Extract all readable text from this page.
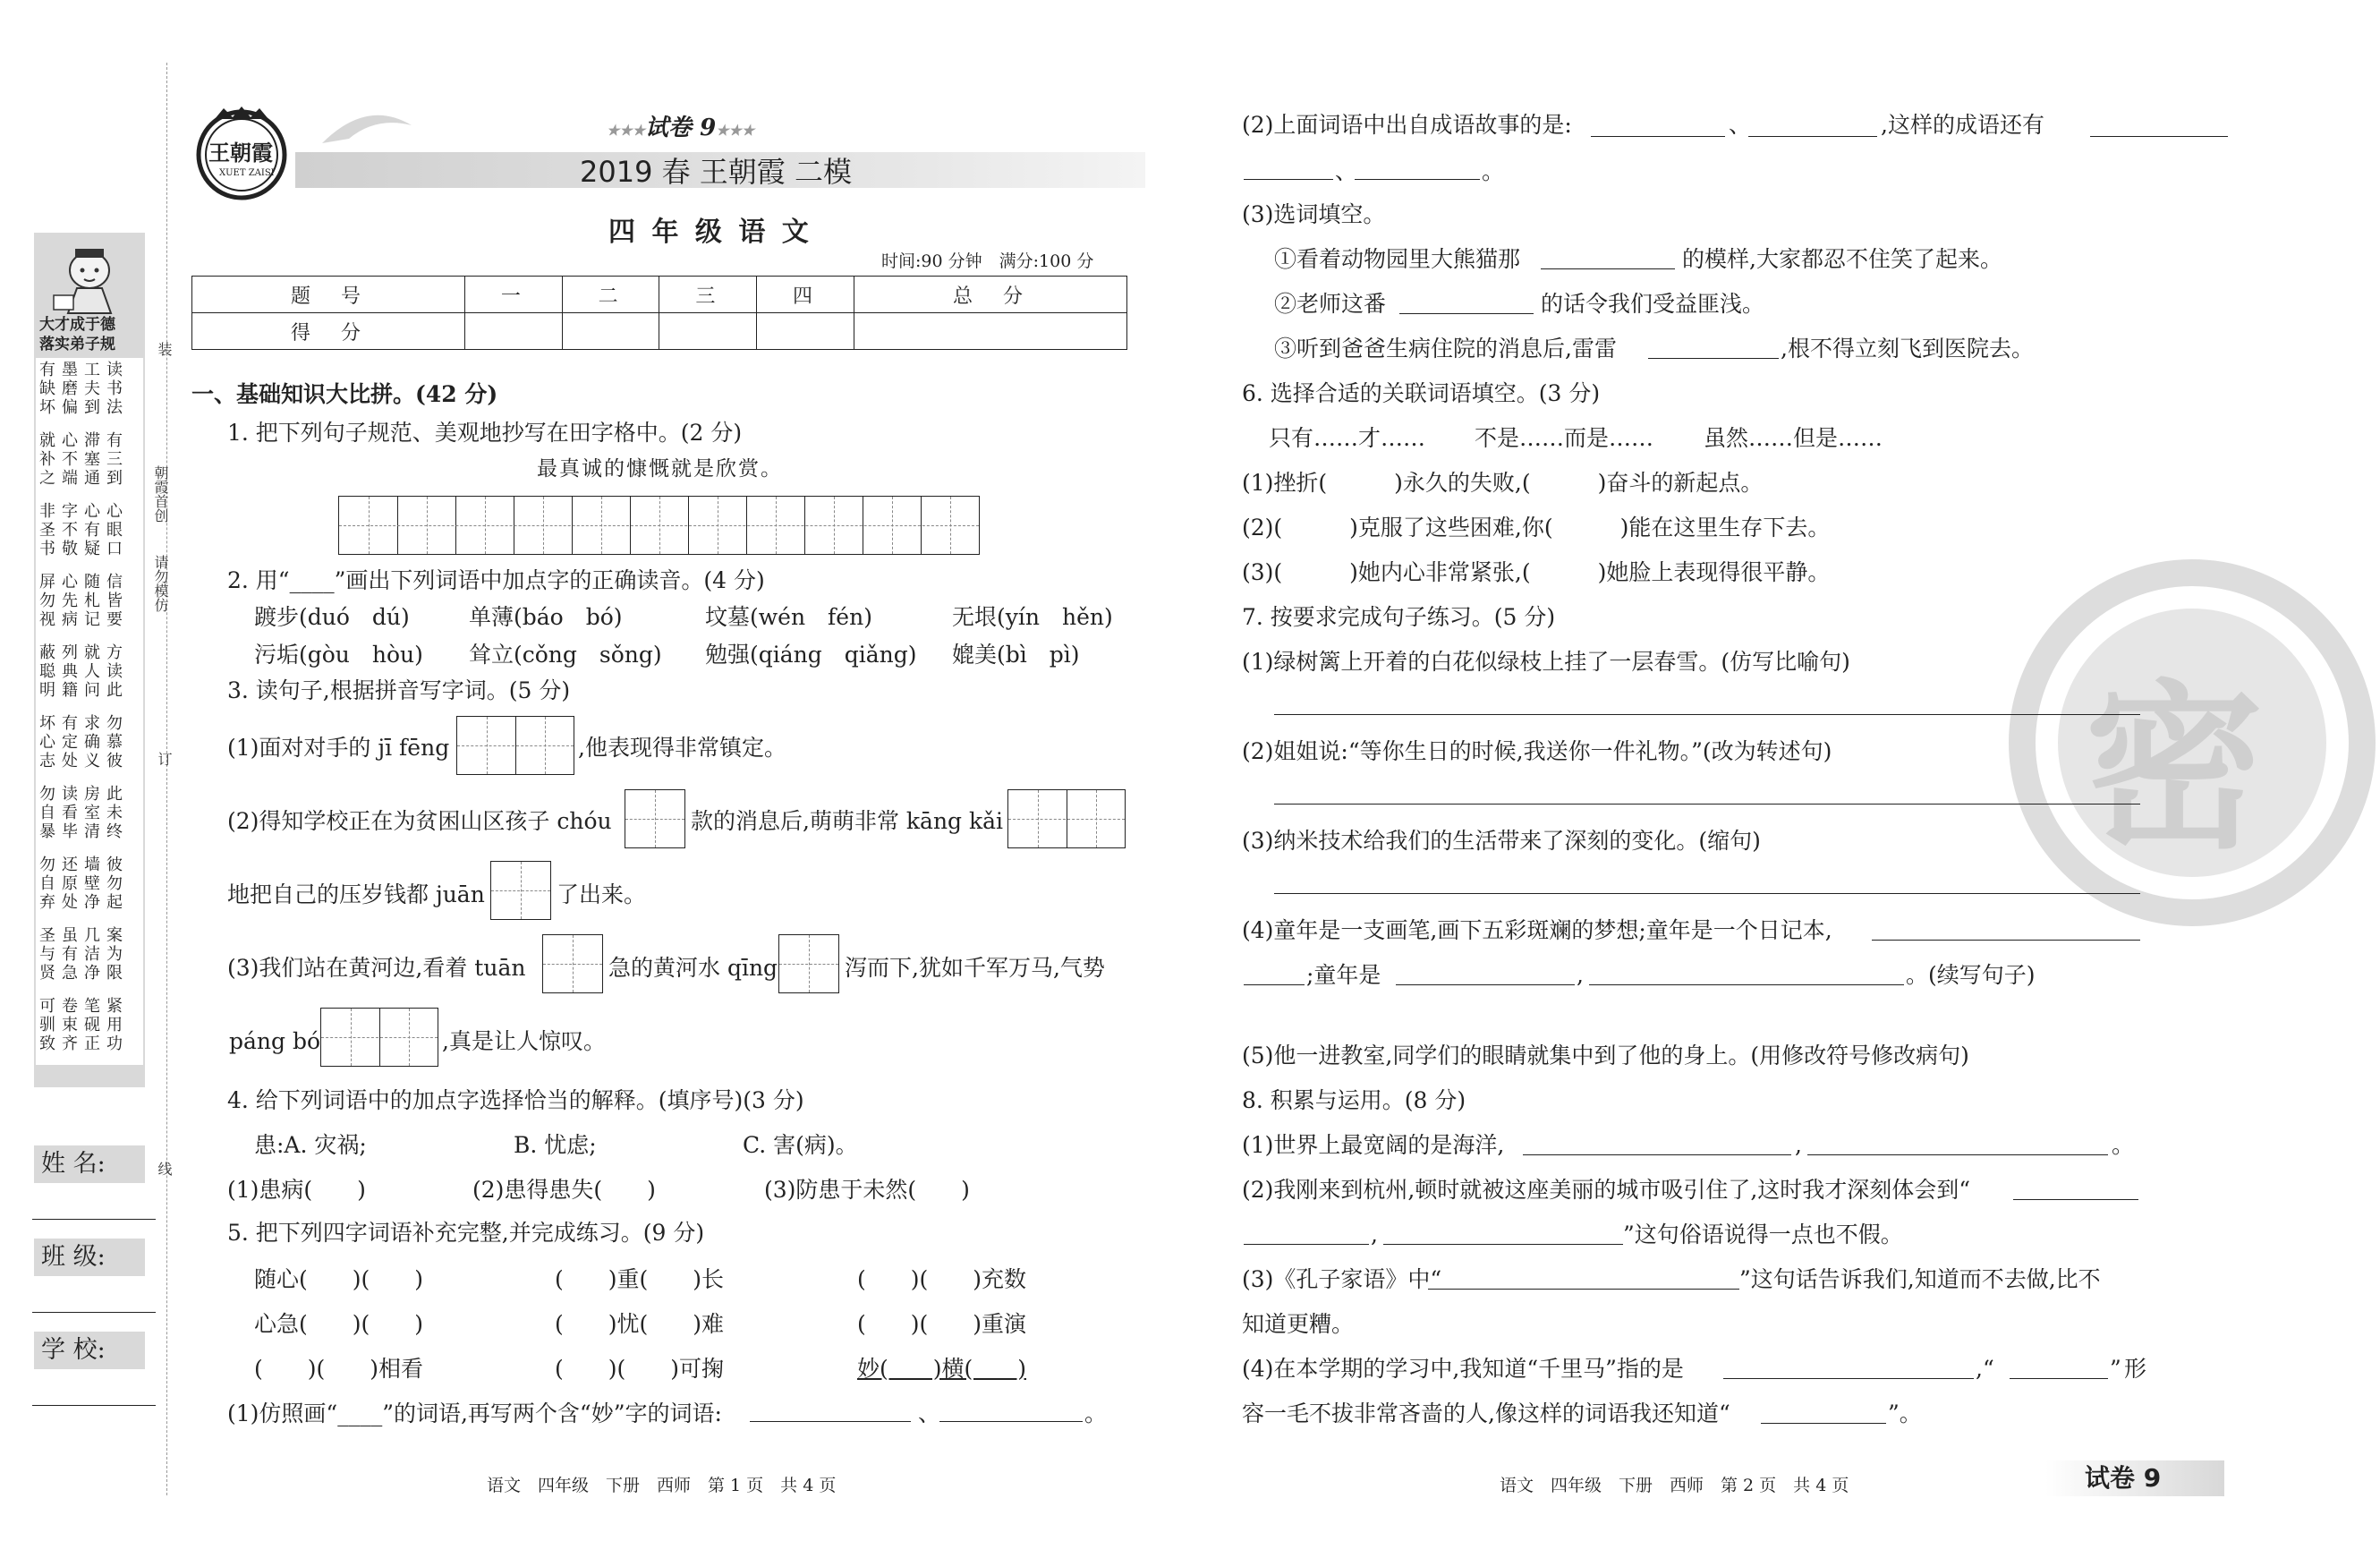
大才成于德
落实弟子规
有墨工读
缺磨夫书
坏偏到法
就心滞有
补不塞三
之端通到
非字心心
圣不有眼
书敬疑口
屏心随信
勿先札皆
视病记要
蔽列就方
聪典人读
明籍问此
坏有求勿
心定确慕
志处义彼
勿读房此
自看室未
暴毕清终
勿还墙彼
自原壁勿
弃处净起
圣虽几案
与有洁为
贤急净限
可卷笔紧
驯束砚用
致齐正功
装
朝霞首创
请勿模仿
订
线
姓 名:
班 级:
学 校:
王朝霞
XUET ZAISI
★★★试卷 9★★★
2019 春 王朝霞 二模
四 年 级 语 文
时间:90 分钟　满分:100 分
题　号	一	二	三	四	总　分
得　分					
一、基础知识大比拼。(42 分)
1. 把下列句子规范、美观地抄写在田字格中。(2 分)
最真诚的慷慨就是欣赏。
2. 用“____”画出下列词语中加点字的正确读音。(4 分)
踱步(duó　dú)	单薄(báo　bó)	坟墓(wén　fén)	无垠(yín　hěn)
污垢(gòu　hòu) 耸立(cǒng　sǒng) 勉强(qiáng　qiǎng) 媲美(bì　pì)
3. 读句子,根据拼音写字词。(5 分)
(1)面对对手的 jī fēng	,他表现得非常镇定。
(2)得知学校正在为贫困山区孩子 chóu	款的消息后,萌萌非常 kāng kǎi
地把自己的压岁钱都 juān	了出来。
(3)我们站在黄河边,看着 tuān	急的黄河水 qīng	泻而下,犹如千军万马,气势
páng bó	,真是让人惊叹。
4. 给下列词语中的加点字选择恰当的解释。(填序号)(3 分)
患:A. 灾祸;	B. 忧虑;	C. 害(病)。
(1)患病(　　)	(2)患得患失(　　)	(3)防患于未然(　　)
5. 把下列四字词语补充完整,并完成练习。(9 分)
随心(　　)(　　)	(　　)重(　　)长	(　　)(　　)充数
心急(　　)(　　)	(　　)忧(　　)难	(　　)(　　)重演
(　　)(　　)相看	(　　)(　　)可掬	妙(　　)横(　　)
(1)仿照画“____”的词语,再写两个含“妙”字的词语:	、	。
语文　四年级　下册　西师　第 1 页　共 4 页
密
(2)上面词语中出自成语故事的是:	、	,这样的成语还有
、	。
(3)选词填空。
①看着动物园里大熊猫那	的模样,大家都忍不住笑了起来。
②老师这番	的话令我们受益匪浅。
③听到爸爸生病住院的消息后,雷雷	,根不得立刻飞到医院去。
6. 选择合适的关联词语填空。(3 分)
只有……才…… 不是……而是…… 虽然……但是……
(1)挫折(　　　)永久的失败,(　　　)奋斗的新起点。
(2)(　　　)克服了这些困难,你(　　　)能在这里生存下去。
(3)(　　　)她内心非常紧张,(　　　)她脸上表现得很平静。
7. 按要求完成句子练习。(5 分)
(1)绿树篱上开着的白花似绿枝上挂了一层春雪。(仿写比喻句)
(2)姐姐说:“等你生日的时候,我送你一件礼物。”(改为转述句)
(3)纳米技术给我们的生活带来了深刻的变化。(缩句)
(4)童年是一支画笔,画下五彩斑斓的梦想;童年是一个日记本,
;童年是	,	。(续写句子)
(5)他一进教室,同学们的眼睛就集中到了他的身上。(用修改符号修改病句)
8. 积累与运用。(8 分)
(1)世界上最宽阔的是海洋,	,	。
(2)我刚来到杭州,顿时就被这座美丽的城市吸引住了,这时我才深刻体会到“
,	”这句俗语说得一点也不假。
(3)《孔子家语》中“	”这句话告诉我们,知道而不去做,比不
知道更糟。
(4)在本学期的学习中,我知道“千里马”指的是	,“	” 形
容一毛不拔非常吝啬的人,像这样的词语我还知道“	”。
语文　四年级　下册　西师　第 2 页　共 4 页	试卷 9
